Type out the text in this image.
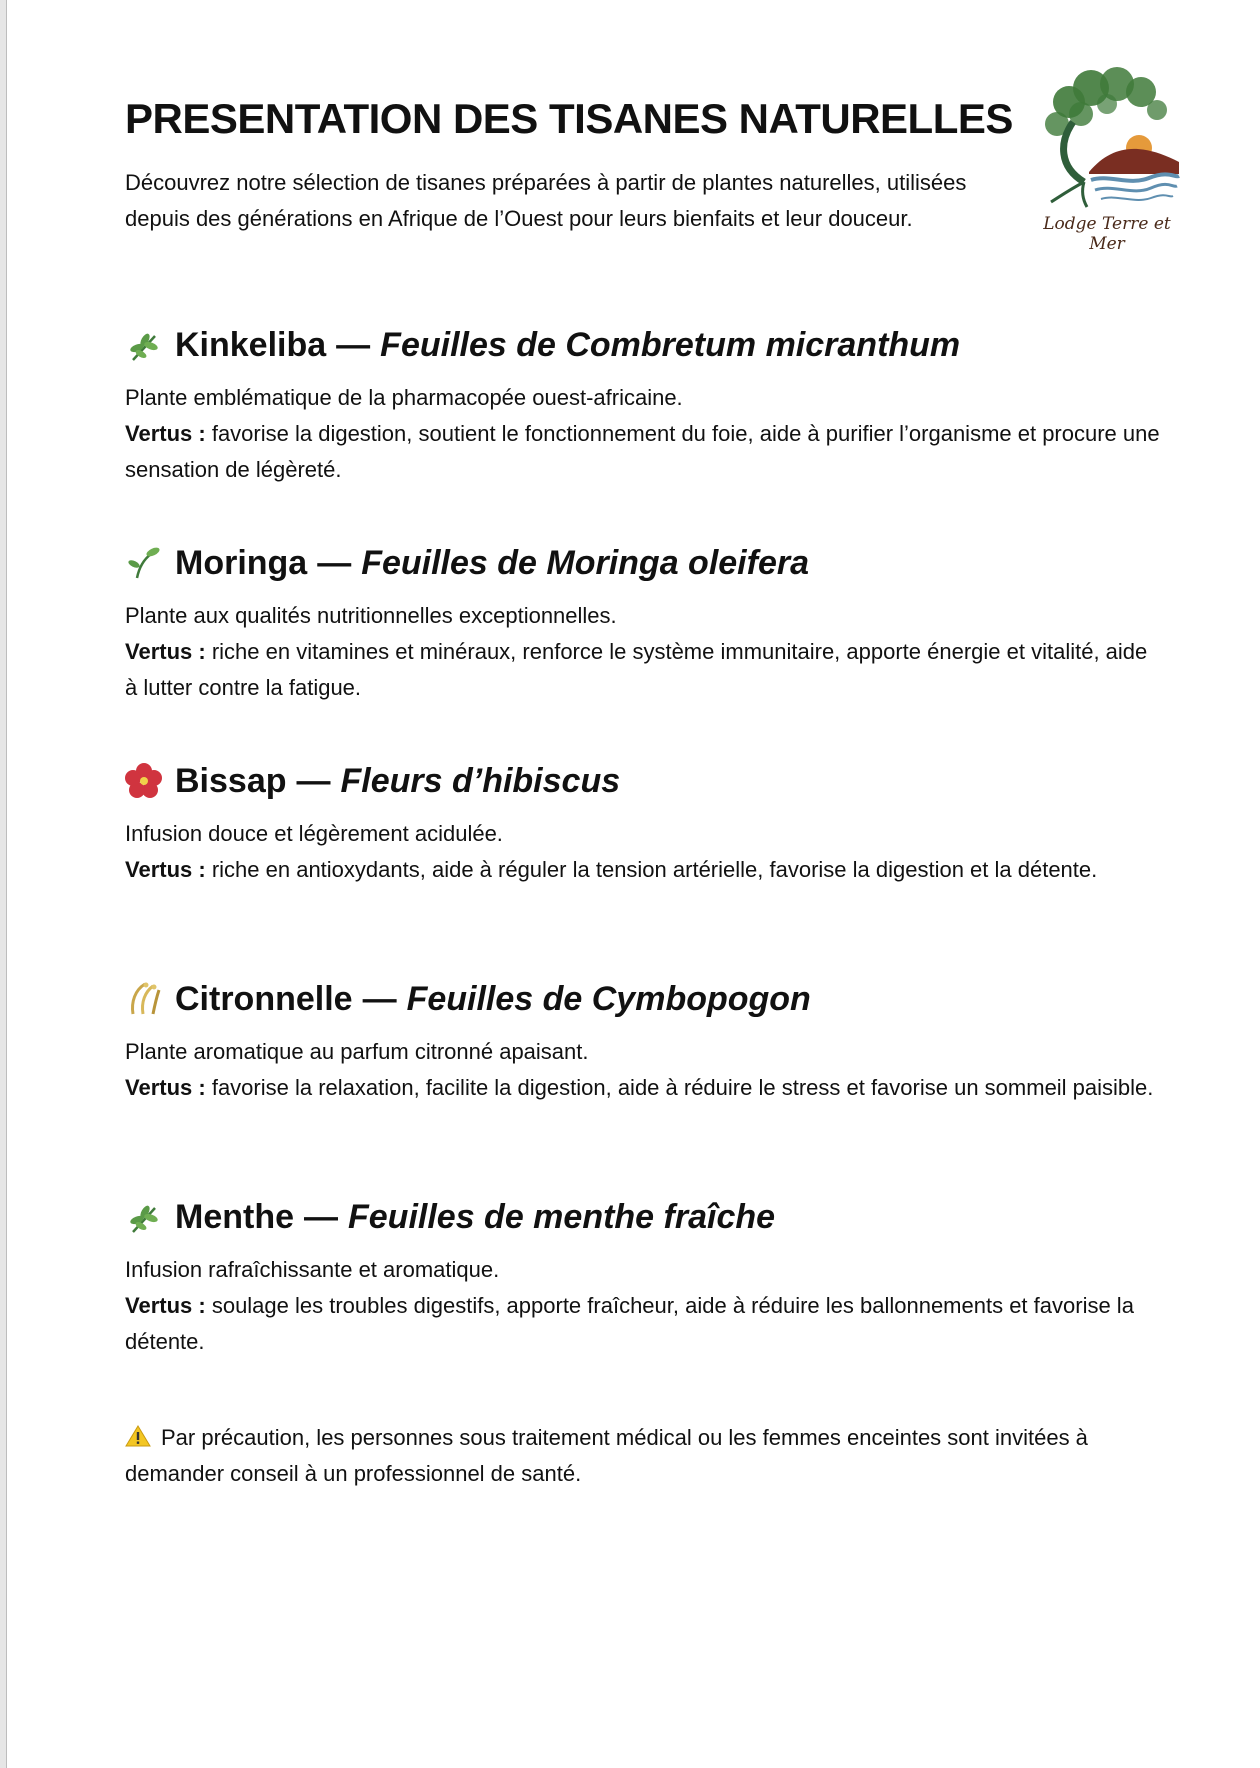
PRESENTATION DES TISANES NATURELLES

Découvrez notre sélection de tisanes préparées à partir de plantes naturelles, utilisées depuis des générations en Afrique de l’Ouest pour leurs bienfaits et leur douceur.	Lodge Terre et Mer
Kinkeliba — Feuilles de Combretum micranthum

Plante emblématique de la pharmacopée ouest-africaine.

Vertus : favorise la digestion, soutient le fonctionnement du foie, aide à purifier l’organisme et procure une sensation de légèreté.

Moringa — Feuilles de Moringa oleifera

Plante aux qualités nutritionnelles exceptionnelles.

Vertus : riche en vitamines et minéraux, renforce le système immunitaire, apporte énergie et vitalité, aide à lutter contre la fatigue.

Bissap — Fleurs d’hibiscus

Infusion douce et légèrement acidulée.

Vertus : riche en antioxydants, aide à réguler la tension artérielle, favorise la digestion et la détente.

Citronnelle — Feuilles de Cymbopogon

Plante aromatique au parfum citronné apaisant.

Vertus : favorise la relaxation, facilite la digestion, aide à réduire le stress et favorise un sommeil paisible.

Menthe — Feuilles de menthe fraîche

Infusion rafraîchissante et aromatique.

Vertus : soulage les troubles digestifs, apporte fraîcheur, aide à réduire les ballonnements et favorise la détente.

Par précaution, les personnes sous traitement médical ou les femmes enceintes sont invitées à demander conseil à un professionnel de santé.
